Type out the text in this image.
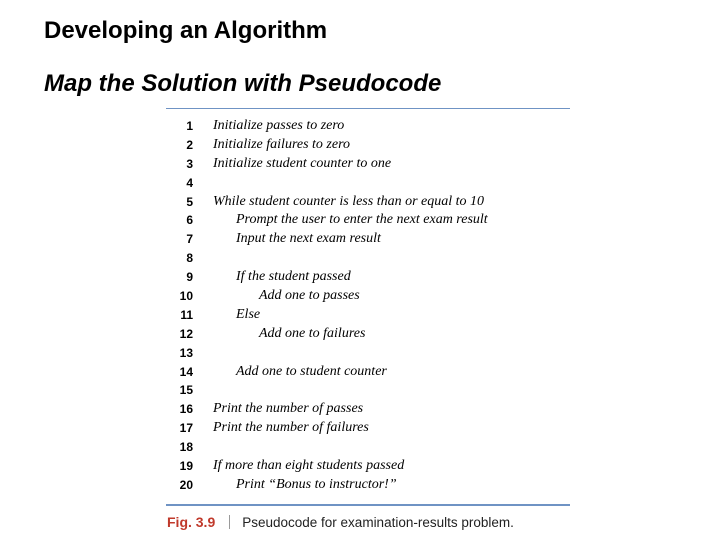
Developing an Algorithm
Map the Solution with Pseudocode
1 Initialize passes to zero
2 Initialize failures to zero
3 Initialize student counter to one
4
5 While student counter is less than or equal to 10
6	Prompt the user to enter the next exam result
7	Input the next exam result
8
9	If the student passed
10	Add one to passes
11	Else
12	Add one to failures
13
14	Add one to student counter
15
16 Print the number of passes
17 Print the number of failures
18
19 If more than eight students passed
20	Print “Bonus to instructor!”
Fig. 3.9 Pseudocode for examination-results problem.
